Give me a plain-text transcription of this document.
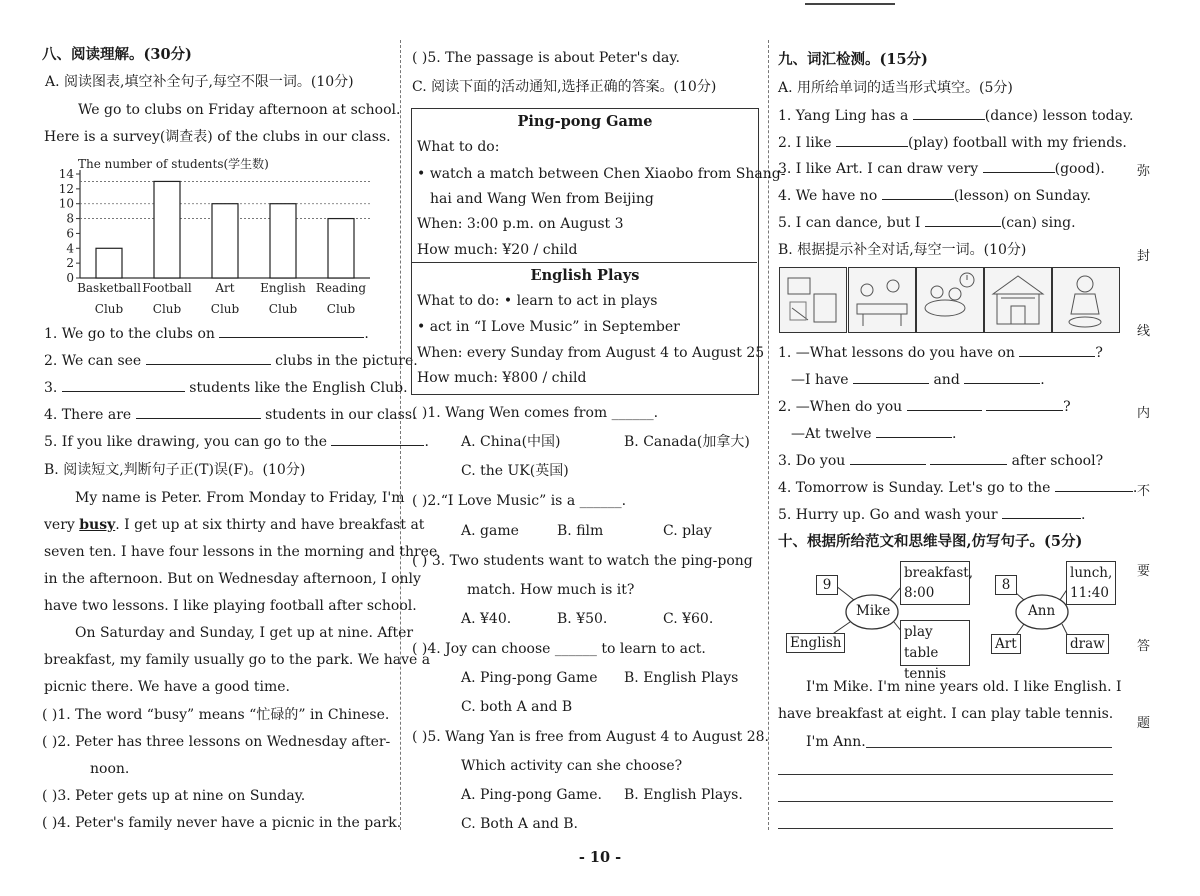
八、阅读理解。(30分)
A. 阅读图表,填空补全句子,每空不限一词。(10分)
We go to clubs on Friday afternoon at school.
Here is a survey(调查表) of the clubs in our class.
The number of students(学生数)
0
2
4
6
8
10
12
14
Basketball
Club
Football
Club
Art
Club
English
Club
Reading
Club
1. We go to the clubs on	.
2. We can see	clubs in the picture.
3.	students like the English Club.
4. There are	students in our class.
5. If you like drawing, you can go to the	.
B. 阅读短文,判断句子正(T)误(F)。(10分)
My name is Peter. From Monday to Friday, I'm
very busy. I get up at six thirty and have breakfast at
seven ten. I have four lessons in the morning and three
in the afternoon. But on Wednesday afternoon, I only
have two lessons. I like playing football after school.
On Saturday and Sunday, I get up at nine. After
breakfast, my family usually go to the park. We have a
picnic there. We have a good time.
( )1. The word “busy” means “忙碌的” in Chinese.
( )2. Peter has three lessons on Wednesday after-
noon.
( )3. Peter gets up at nine on Sunday.
( )4. Peter's family never have a picnic in the park.
( )5. The passage is about Peter's day.
C. 阅读下面的活动通知,选择正确的答案。(10分)
Ping-pong Game
What to do:
• watch a match between Chen Xiaobo from Shang-
hai and Wang Wen from Beijing
When: 3:00 p.m. on August 3
How much: ¥20 / child
English Plays
What to do: • learn to act in plays
• act in “I Love Music” in September
When: every Sunday from August 4 to August 25
How much: ¥800 / child
( )1. Wang Wen comes from ______.
A. China(中国)	B. Canada(加拿大)
C. the UK(英国)
( )2.“I Love Music” is a ______.
A. game	B. film	C. play
( ) 3. Two students want to watch the ping-pong
match. How much is it?
A. ¥40.	B. ¥50.	C. ¥60.
( )4. Joy can choose ______ to learn to act.
A. Ping-pong Game B. English Plays
C. both A and B
( )5. Wang Yan is free from August 4 to August 28.
Which activity can she choose?
A. Ping-pong Game. B. English Plays.
C. Both A and B.
九、词汇检测。(15分)
A. 用所给单词的适当形式填空。(5分)
1. Yang Ling has a	(dance) lesson today.
2. I like	(play) football with my friends.
3. I like Art. I can draw very	(good).
4. We have no	(lesson) on Sunday.
5. I can dance, but I	(can) sing.
B. 根据提示补全对话,每空一词。(10分)
1. —What lessons do you have on	?
—I have	and	.
2. —When do you	?
—At twelve	.
3. Do you	after school?
4. Tomorrow is Sunday. Let's go to the	.
5. Hurry up. Go and wash your	.
十、根据所给范文和思维导图,仿写句子。(5分)
Mike
9
breakfast,
8:00
play table
tennis
English
Ann
8
lunch,
11:40
draw
Art
I'm Mike. I'm nine years old. I like English. I
have breakfast at eight. I can play table tennis.
I'm Ann.
弥
封
线
内
不
要
答
题
- 10 -
